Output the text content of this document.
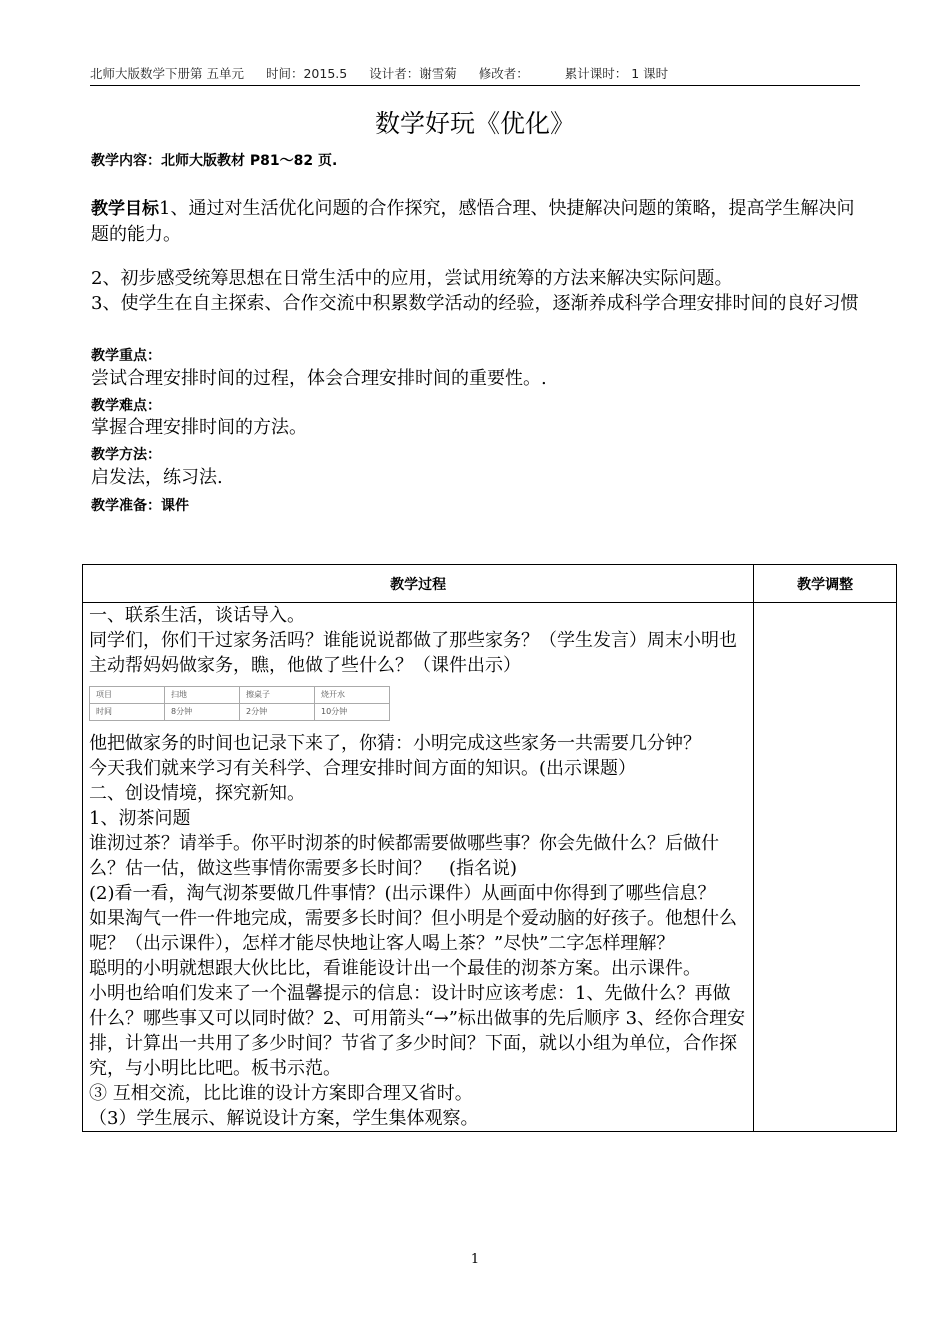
北师大版数学下册第 五单元 时间：2015.5 设计者：谢雪菊 修改者：	累计课时： 1 课时
数学好玩《优化》
教学内容：北师大版教材 P81～82 页.
教学目标1、通过对生活优化问题的合作探究，感悟合理、快捷解决问题的策略，提高学生解决问题的能力。
2、初步感受统筹思想在日常生活中的应用，尝试用统筹的方法来解决实际问题。
3、使学生在自主探索、合作交流中积累数学活动的经验，逐渐养成科学合理安排时间的良好习惯
教学重点：
尝试合理安排时间的过程，体会合理安排时间的重要性。.
教学难点：
掌握合理安排时间的方法。
教学方法：
启发法，练习法.
教学准备：课件
教学过程	教学调整

一、联系生活，谈话导入。

同学们，你们干过家务活吗？谁能说说都做了那些家务？（学生发言）周末小明也主动帮妈妈做家务，瞧，他做了些什么？（课件出示）

项目	扫地	擦桌子	烧开水
时间	8分钟	2分钟	10分钟

他把做家务的时间也记录下来了，你猜：小明完成这些家务一共需要几分钟？

今天我们就来学习有关科学、合理安排时间方面的知识。(出示课题）

二、创设情境，探究新知。

1、沏茶问题

谁沏过茶？请举手。你平时沏茶的时候都需要做哪些事？你会先做什么？后做什么？估一估，做这些事情你需要多长时间？　(指名说)

(2)看一看，淘气沏茶要做几件事情？(出示课件）从画面中你得到了哪些信息？

如果淘气一件一件地完成，需要多长时间？但小明是个爱动脑的好孩子。他想什么呢？（出示课件），怎样才能尽快地让客人喝上茶？”尽快”二字怎样理解？

聪明的小明就想跟大伙比比，看谁能设计出一个最佳的沏茶方案。出示课件。

小明也给咱们发来了一个温馨提示的信息：设计时应该考虑：1、先做什么？再做什么？哪些事又可以同时做？2、可用箭头“→”标出做事的先后顺序 3、经你合理安排，计算出一共用了多少时间？节省了多少时间？下面，就以小组为单位，合作探究，与小明比比吧。板书示范。

③ 互相交流，比比谁的设计方案即合理又省时。

（3）学生展示、解说设计方案，学生集体观察。

1
